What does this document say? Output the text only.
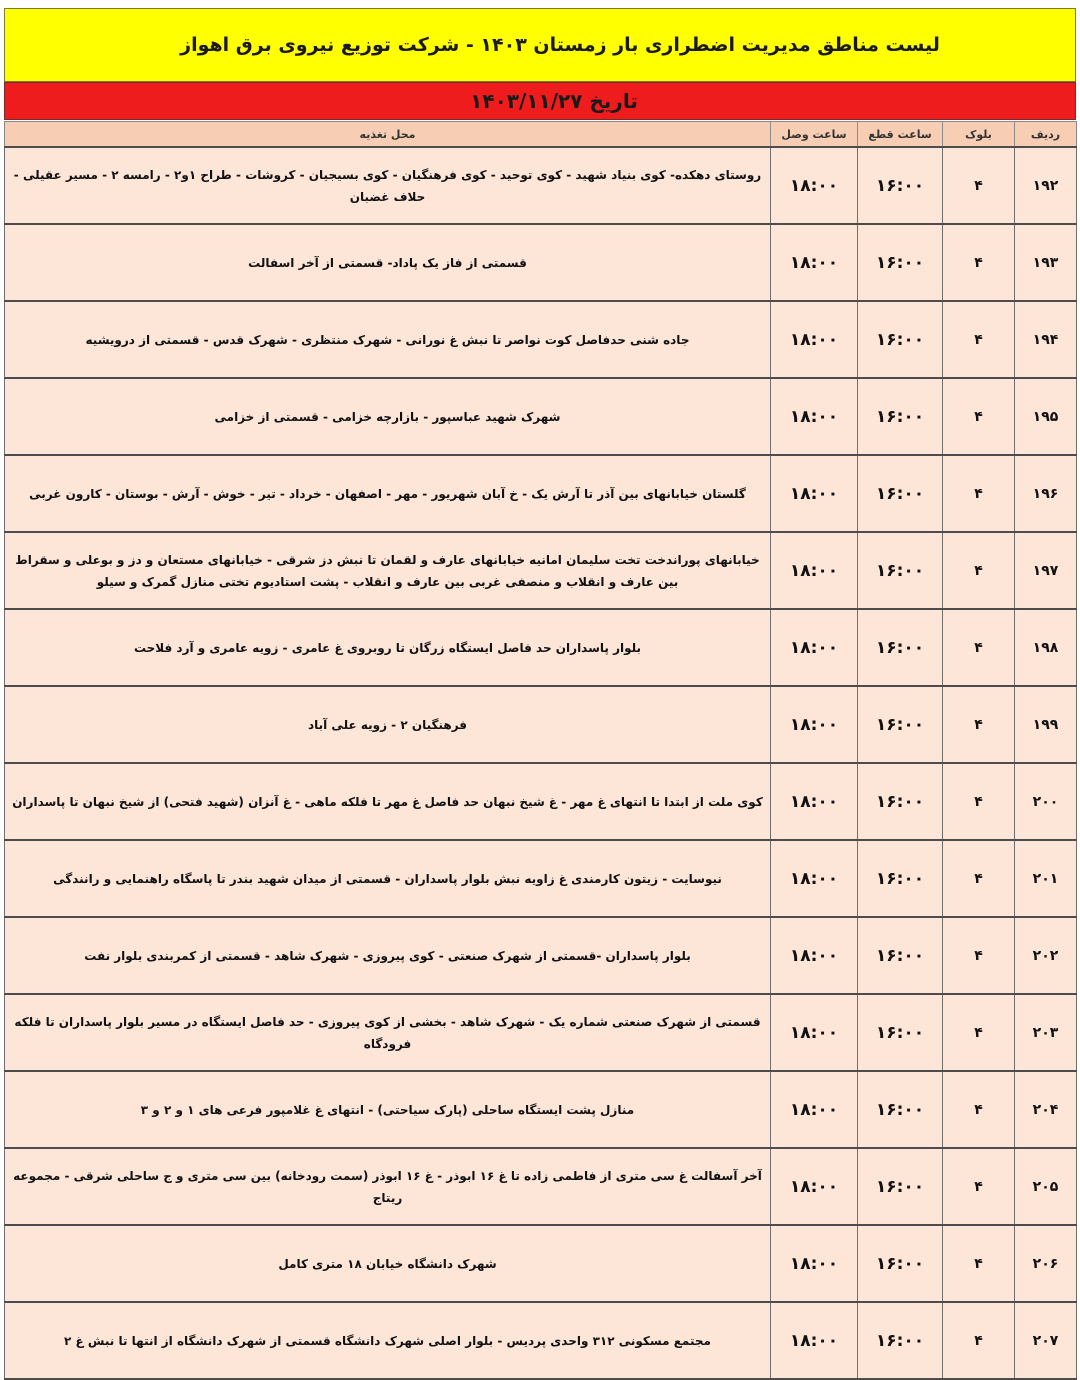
لیست مناطق مدیریت اضطراری بار زمستان ۱۴۰۳ - شرکت توزیع نیروی برق اهواز
تاریخ ۱۴۰۳/۱۱/۲۷
ردیف	بلوک	ساعت قطع	ساعت وصل	محل تغذیه
۱۹۲	۴	۱۶:۰۰	۱۸:۰۰	روستای دهکده- کوی بنیاد شهید - کوی توحید - کوی فرهنگیان - کوی بسیجیان - کروشات - طراح ۱و۲ - رامسه ۲ - مسیر عقیلی - حلاف غضبان
۱۹۳	۴	۱۶:۰۰	۱۸:۰۰	قسمتی از فاز یک پاداد- قسمتی از آخر اسفالت
۱۹۴	۴	۱۶:۰۰	۱۸:۰۰	جاده شنی حدفاصل کوت نواصر تا نبش غ نورانی - شهرک منتظری - شهرک قدس - قسمتی از درویشیه
۱۹۵	۴	۱۶:۰۰	۱۸:۰۰	شهرک شهید عباسپور - بازارچه خزامی - قسمتی از خزامی
۱۹۶	۴	۱۶:۰۰	۱۸:۰۰	گلستان خیابانهای بین آذر تا آرش یک - خ آبان شهریور - مهر - اصفهان - خرداد - تیر - خوش - آرش - بوستان - کارون غربی
۱۹۷	۴	۱۶:۰۰	۱۸:۰۰	خیابانهای پوراندخت تخت سلیمان امانیه خیابانهای عارف و لقمان تا نبش دز شرقی - خیابانهای مستعان و دز و بوعلی و سقراط بین عارف و انقلاب و منصفی غربی بین عارف و انقلاب - پشت استادیوم تختی منازل گمرک و سیلو
۱۹۸	۴	۱۶:۰۰	۱۸:۰۰	بلوار پاسداران حد فاصل ایستگاه زرگان تا روبروی غ عامری - زویه عامری و آرد فلاحت
۱۹۹	۴	۱۶:۰۰	۱۸:۰۰	فرهنگیان ۲ - زویه علی آباد
۲۰۰	۴	۱۶:۰۰	۱۸:۰۰	کوی ملت از ابتدا تا انتهای غ مهر - غ شیخ نبهان حد فاصل غ مهر تا فلکه ماهی - غ آنزان (شهید فتحی) از شیخ نبهان تا پاسداران
۲۰۱	۴	۱۶:۰۰	۱۸:۰۰	نیوسایت - زیتون کارمندی غ زاویه نبش بلوار پاسداران - قسمتی از میدان شهید بندر تا پاسگاه راهنمایی و رانندگی
۲۰۲	۴	۱۶:۰۰	۱۸:۰۰	بلوار پاسداران -قسمتی از شهرک صنعتی - کوی پیروزی - شهرک شاهد - قسمتی از کمربندی بلوار نفت
۲۰۳	۴	۱۶:۰۰	۱۸:۰۰	قسمتی از شهرک صنعتی شماره یک - شهرک شاهد - بخشی از کوی پیروزی - حد فاصل ایستگاه در مسیر بلوار پاسداران تا فلکه فرودگاه
۲۰۴	۴	۱۶:۰۰	۱۸:۰۰	منازل پشت ایستگاه ساحلی (پارک سیاحتی) - انتهای غ غلامپور فرعی های ۱ و ۲ و ۳
۲۰۵	۴	۱۶:۰۰	۱۸:۰۰	آخر آسفالت غ سی متری از فاطمی زاده تا غ ۱۶ ابوذر - غ ۱۶ ابوذر (سمت رودخانه) بین سی متری و ج ساحلی شرقی - مجموعه ریتاج
۲۰۶	۴	۱۶:۰۰	۱۸:۰۰	شهرک دانشگاه خیابان ۱۸ متری کامل
۲۰۷	۴	۱۶:۰۰	۱۸:۰۰	مجتمع مسکونی ۳۱۲ واحدی پردیس - بلوار اصلی شهرک دانشگاه قسمتی از شهرک دانشگاه از انتها تا نبش غ ۲
